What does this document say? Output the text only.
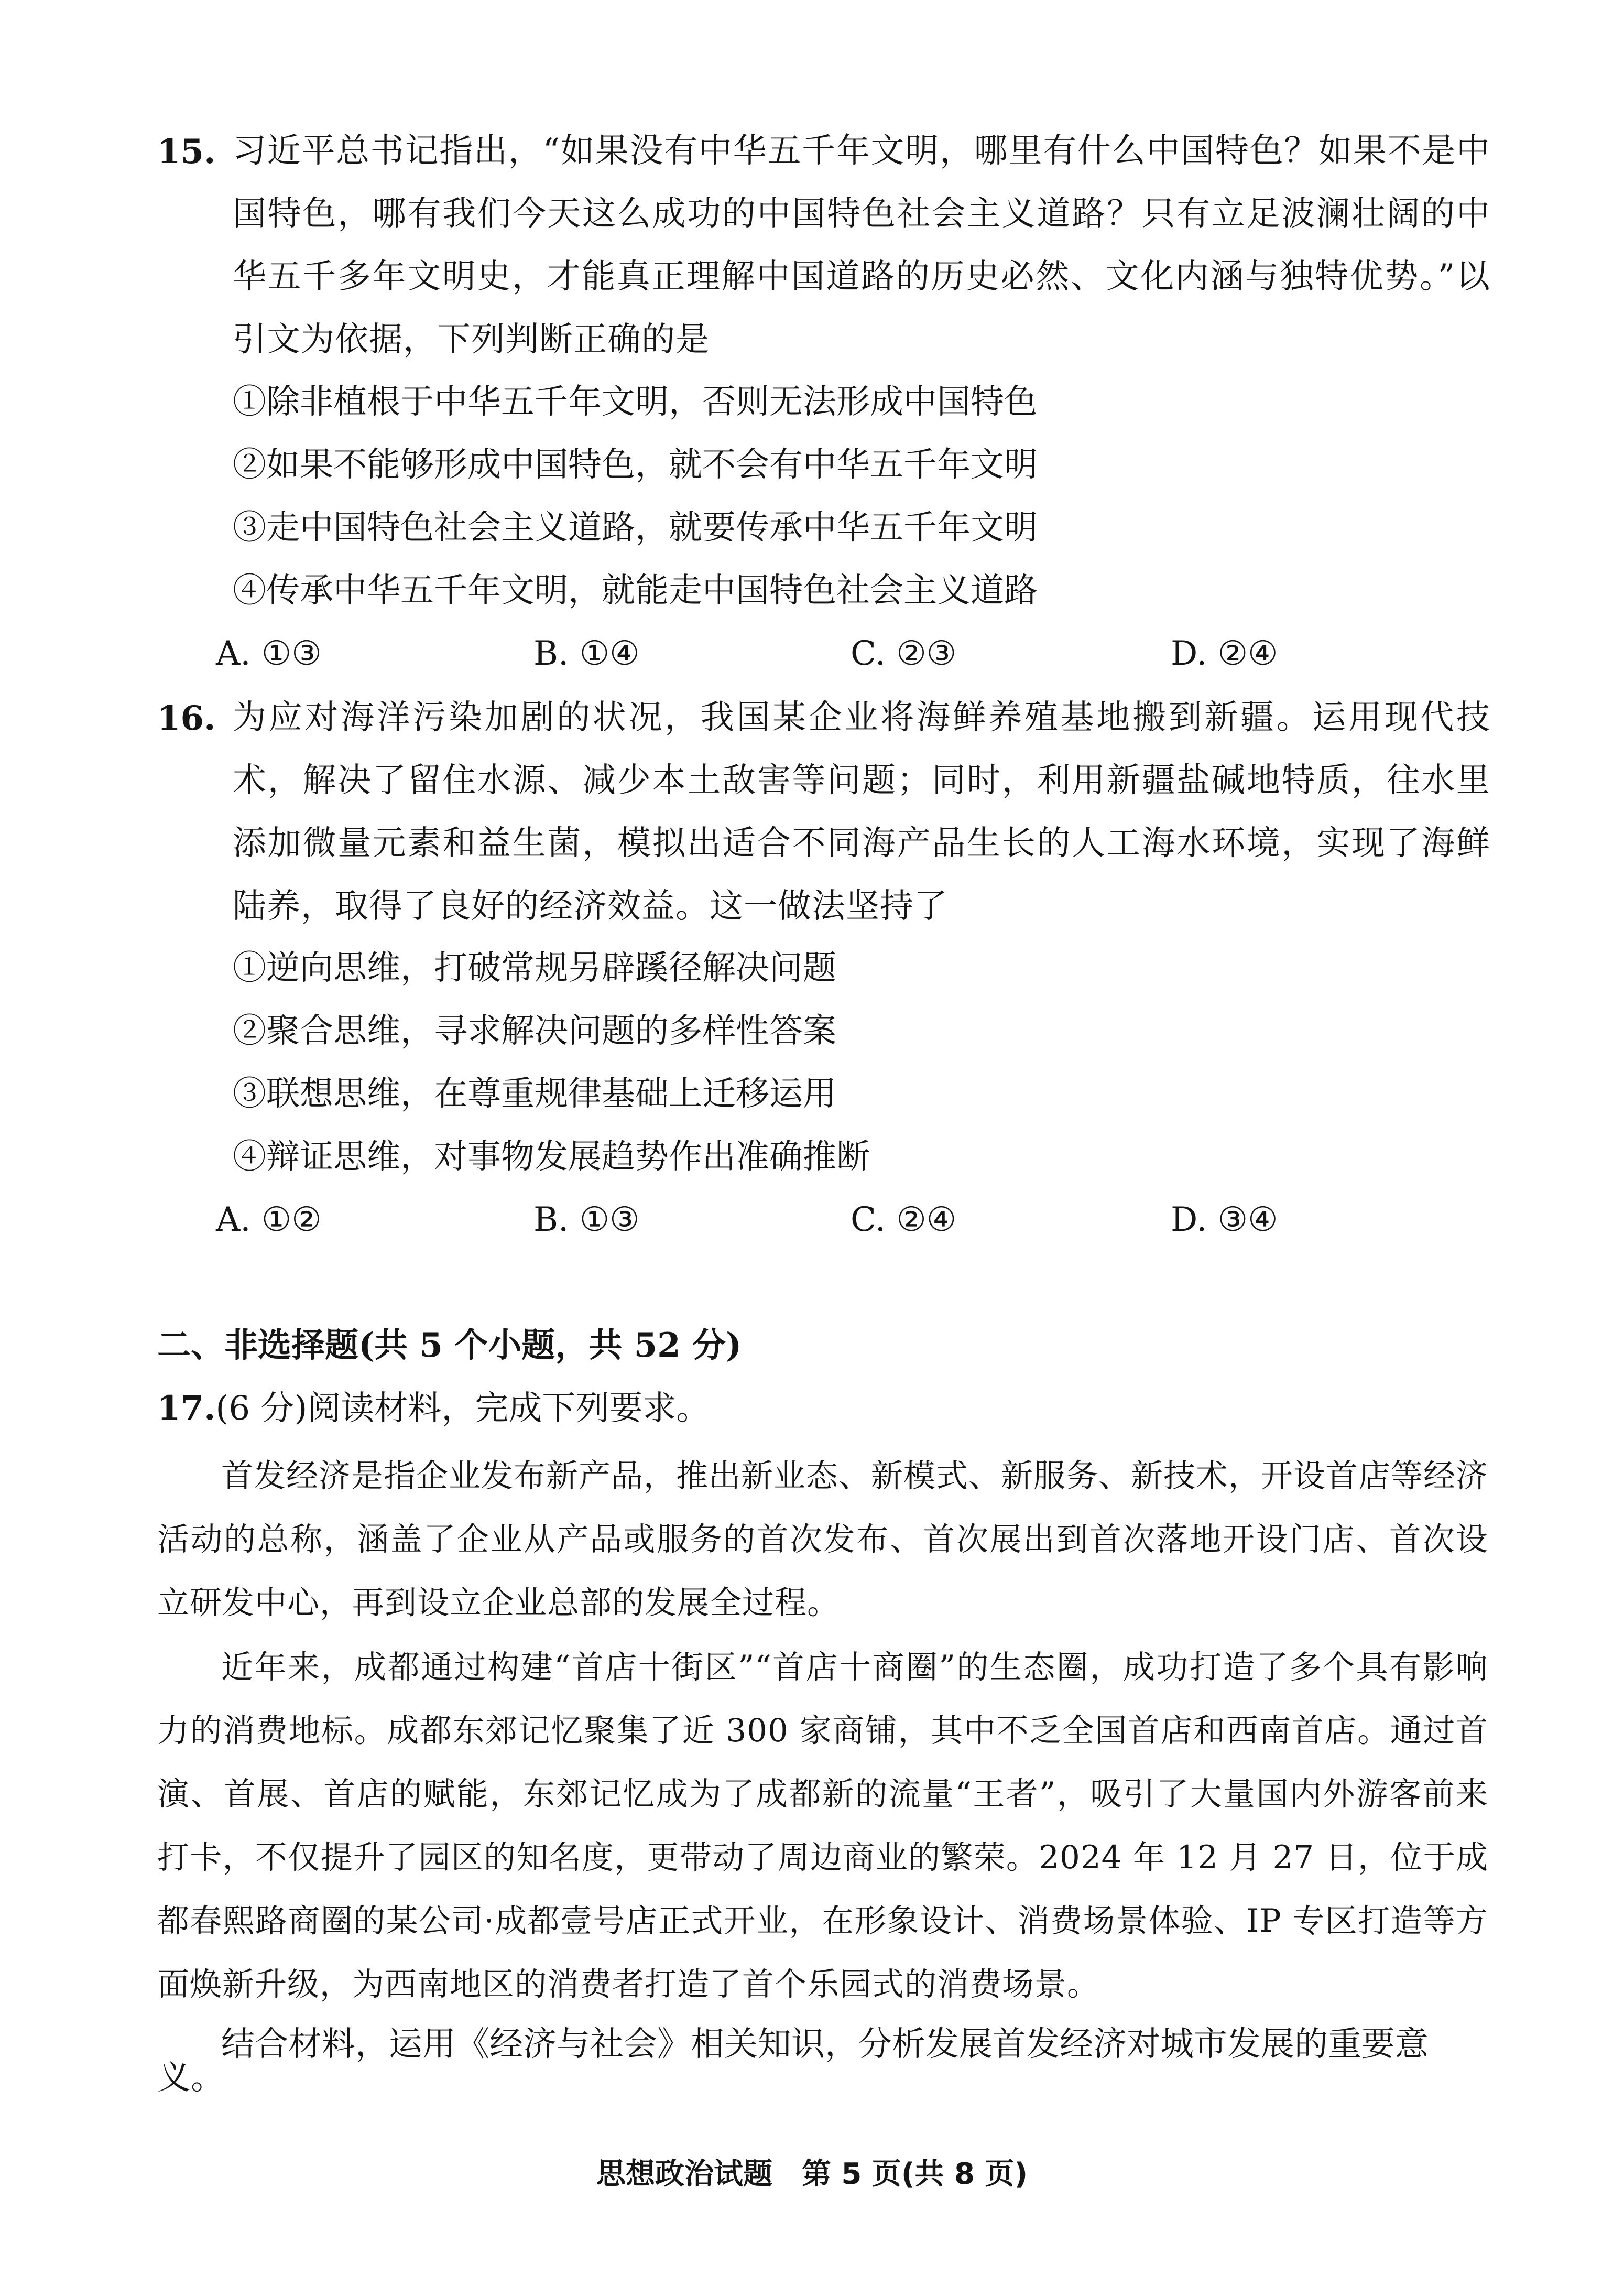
15. 习近平总书记指出，“如果没有中华五千年文明，哪里有什么中国特色？如果不是中国特色，哪有我们今天这么成功的中国特色社会主义道路？只有立足波澜壮阔的中华五千多年文明史，才能真正理解中国道路的历史必然、文化内涵与独特优势。”以引文为依据，下列判断正确的是
①除非植根于中华五千年文明，否则无法形成中国特色
②如果不能够形成中国特色，就不会有中华五千年文明
③走中国特色社会主义道路，就要传承中华五千年文明
④传承中华五千年文明，就能走中国特色社会主义道路
A. ①③	B. ①④	C. ②③	D. ②④
16. 为应对海洋污染加剧的状况，我国某企业将海鲜养殖基地搬到新疆。运用现代技术，解决了留住水源、减少本土敌害等问题；同时，利用新疆盐碱地特质，往水里添加微量元素和益生菌，模拟出适合不同海产品生长的人工海水环境，实现了海鲜陆养，取得了良好的经济效益。这一做法坚持了
①逆向思维，打破常规另辟蹊径解决问题
②聚合思维，寻求解决问题的多样性答案
③联想思维，在尊重规律基础上迁移运用
④辩证思维，对事物发展趋势作出准确推断
A. ①②	B. ①③	C. ②④	D. ③④
二、非选择题(共 5 个小题，共 52 分)
17.(6 分)阅读材料，完成下列要求。
首发经济是指企业发布新产品，推出新业态、新模式、新服务、新技术，开设首店等经济活动的总称，涵盖了企业从产品或服务的首次发布、首次展出到首次落地开设门店、首次设立研发中心，再到设立企业总部的发展全过程。
近年来，成都通过构建“首店十街区”“首店十商圈”的生态圈，成功打造了多个具有影响力的消费地标。成都东郊记忆聚集了近 300 家商铺，其中不乏全国首店和西南首店。通过首演、首展、首店的赋能，东郊记忆成为了成都新的流量“王者”，吸引了大量国内外游客前来打卡，不仅提升了园区的知名度，更带动了周边商业的繁荣。2024 年 12 月 27 日，位于成都春熙路商圈的某公司·成都壹号店正式开业，在形象设计、消费场景体验、IP 专区打造等方面焕新升级，为西南地区的消费者打造了首个乐园式的消费场景。
结合材料，运用《经济与社会》相关知识，分析发展首发经济对城市发展的重要意义。
思想政治试题　第 5 页(共 8 页)
